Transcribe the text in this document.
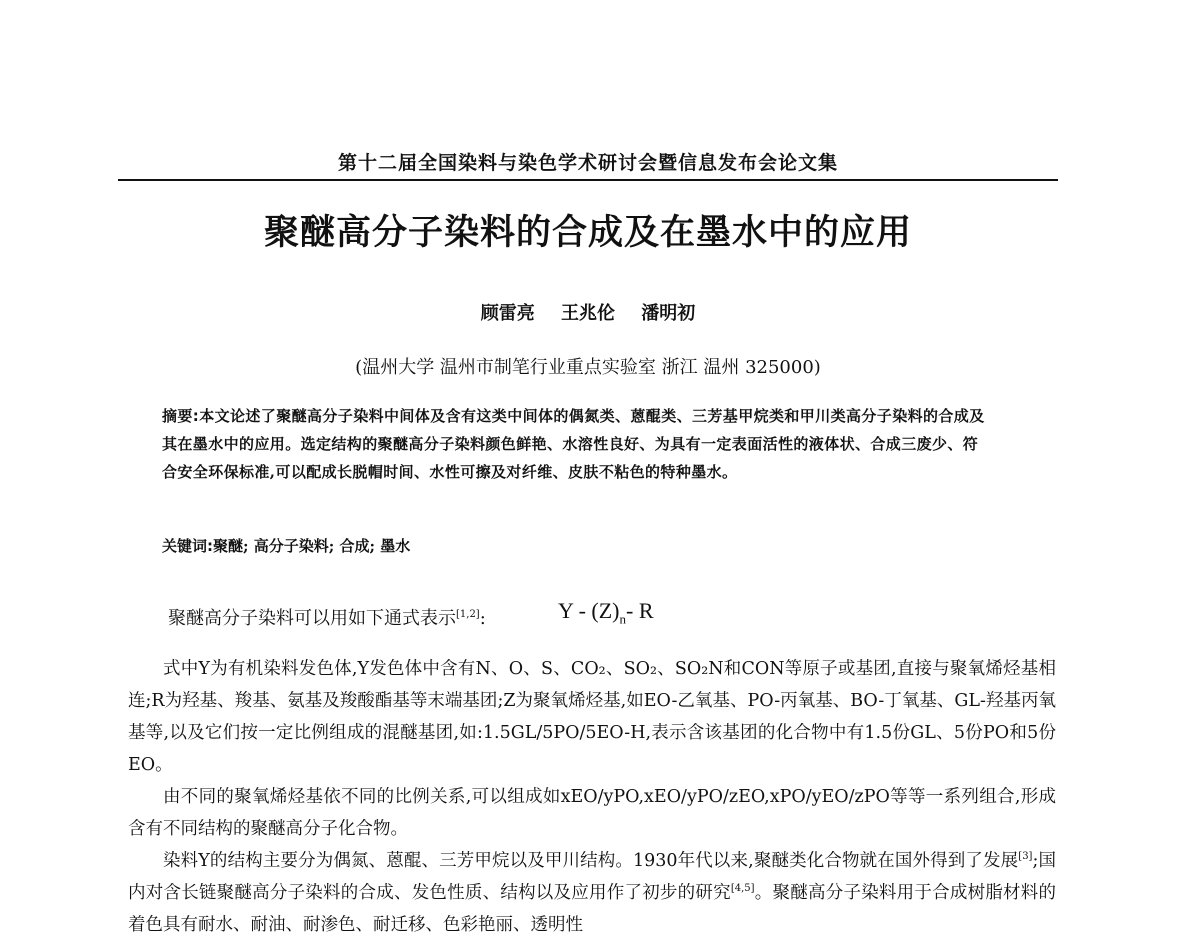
第十二届全国染料与染色学术研讨会暨信息发布会论文集
聚醚高分子染料的合成及在墨水中的应用
顾雷亮 王兆伦 潘明初
(温州大学 温州市制笔行业重点实验室 浙江 温州 325000)
摘要:本文论述了聚醚高分子染料中间体及含有这类中间体的偶氮类、蒽醌类、三芳基甲烷类和甲川类高分子染料的合成及其在墨水中的应用。选定结构的聚醚高分子染料颜色鲜艳、水溶性良好、为具有一定表面活性的液体状、合成三废少、符合安全环保标准,可以配成长脱帽时间、水性可擦及对纤维、皮肤不粘色的特种墨水。
关键词:聚醚; 高分子染料; 合成; 墨水
聚醚高分子染料可以用如下通式表示[1,2]:	Y - $(Z)_n-$ R

式中Y为有机染料发色体,Y发色体中含有N、O、S、CO₂、SO₂、SO₂N和CON等原子或基团,直接与聚氧烯烃基相连;R为羟基、羧基、氨基及羧酸酯基等末端基团;Z为聚氧烯烃基,如EO-乙氧基、PO-丙氧基、BO-丁氧基、GL-羟基丙氧基等,以及它们按一定比例组成的混醚基团,如:1.5GL/5PO/5EO-H,表示含该基团的化合物中有1.5份GL、5份PO和5份EO。

由不同的聚氧烯烃基依不同的比例关系,可以组成如xEO/yPO,xEO/yPO/zEO,xPO/yEO/zPO等等一系列组合,形成含有不同结构的聚醚高分子化合物。

染料Y的结构主要分为偶氮、蒽醌、三芳甲烷以及甲川结构。1930年代以来,聚醚类化合物就在国外得到了发展[3];国内对含长链聚醚高分子染料的合成、发色性质、结构以及应用作了初步的研究[4,5]。聚醚高分子染料用于合成树脂材料的着色具有耐水、耐油、耐渗色、耐迁移、色彩艳丽、透明性
